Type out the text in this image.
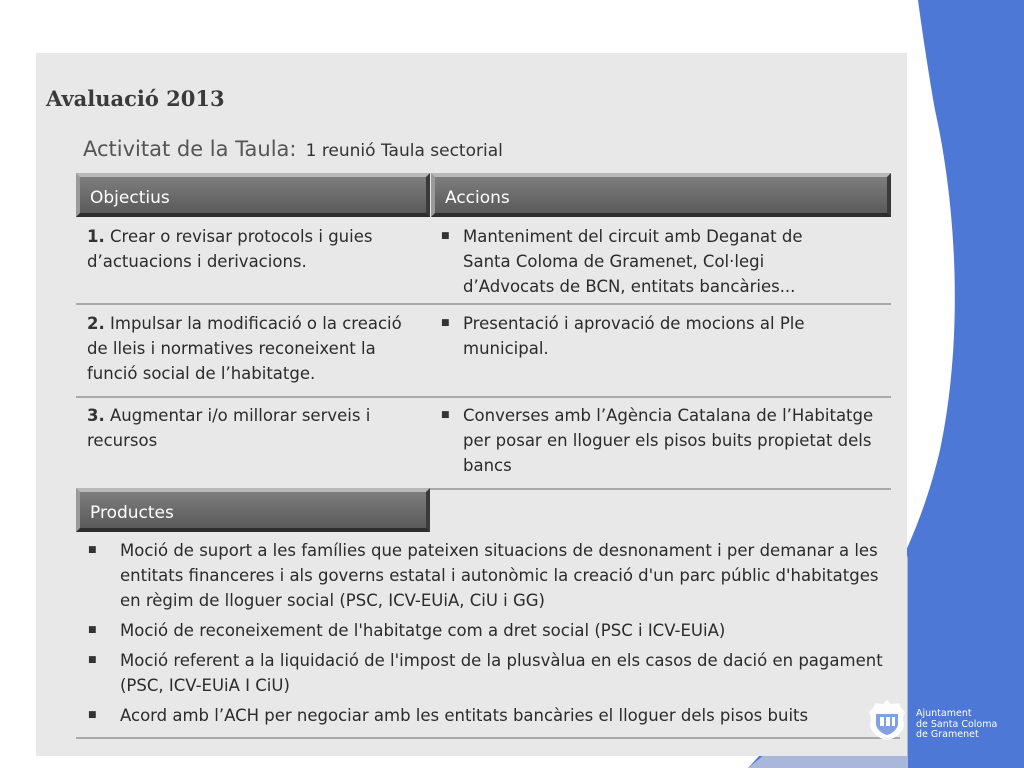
Avaluació 2013
Activitat de la Taula: 1 reunió Taula sectorial
Objectius	Accions
1. Crear o revisar protocols i guies d’actuacions i derivacions.
■ Manteniment del circuit amb Deganat de Santa Coloma de Gramenet, Col·legi d’Advocats de BCN, entitats bancàries...
2. Impulsar la modificació o la creació de lleis i normatives reconeixent la funció social de l’habitatge.
■ Presentació i aprovació de mocions al Ple municipal.
3. Augmentar i/o millorar serveis i recursos
■ Converses amb l’Agència Catalana de l’Habitatge per posar en lloguer els pisos buits propietat dels bancs
Productes
■ Moció de suport a les famílies que pateixen situacions de desnonament i per demanar a les entitats financeres i als governs estatal i autonòmic la creació d'un parc públic d'habitatges en règim de lloguer social (PSC, ICV-EUiA, CiU i GG)
■ Moció de reconeixement de l'habitatge com a dret social (PSC i ICV-EUiA)
■ Moció referent a la liquidació de l'impost de la plusvàlua en els casos de dació en pagament (PSC, ICV-EUiA I CiU)
■ Acord amb l’ACH per negociar amb les entitats bancàries el lloguer dels pisos buits	Ajuntament
de Santa Coloma
de Gramenet
